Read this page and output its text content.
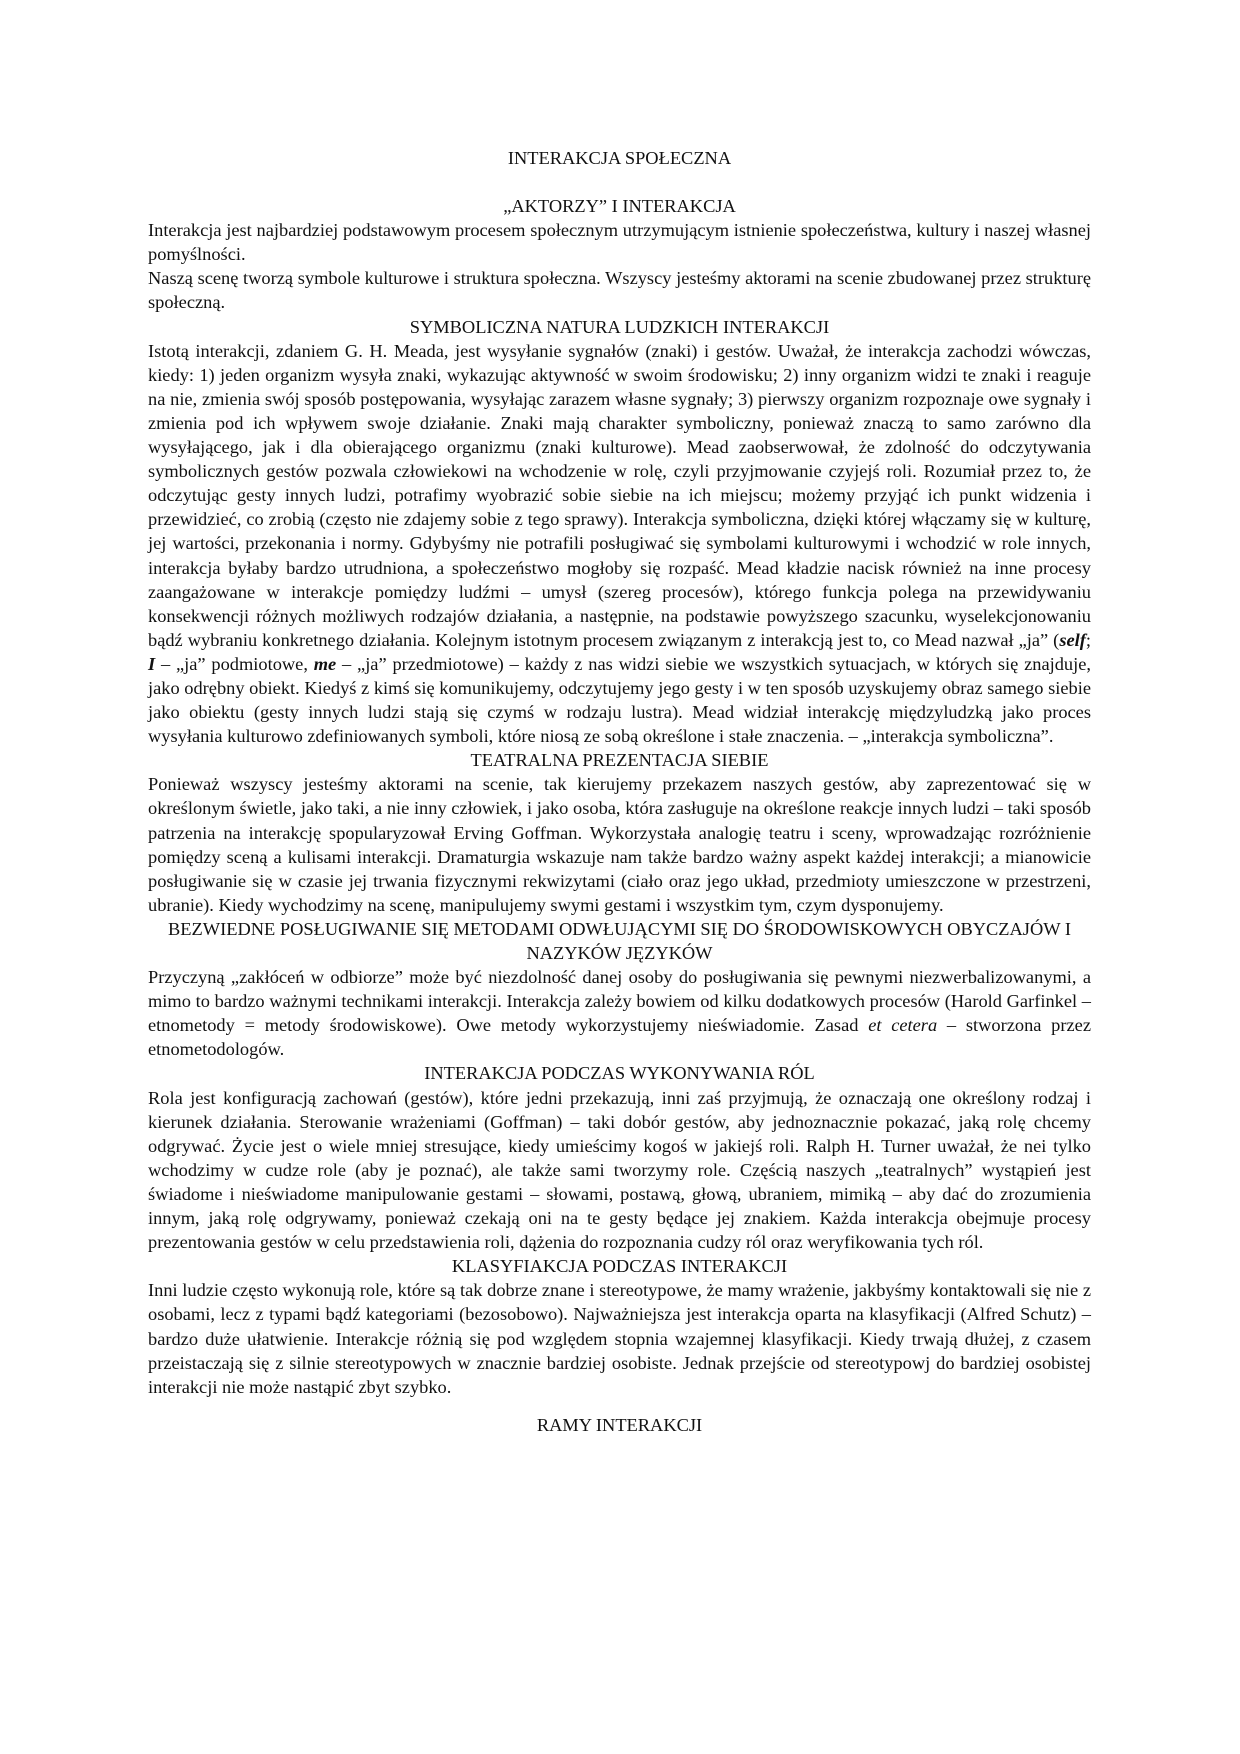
INTERAKCJA SPOŁECZNA
„AKTORZY” I INTERAKCJA

Interakcja jest najbardziej podstawowym procesem społecznym utrzymującym istnienie społeczeństwa, kultury i naszej własnej pomyślności.

Naszą scenę tworzą symbole kulturowe i struktura społeczna. Wszyscy jesteśmy aktorami na scenie zbudowanej przez strukturę społeczną.

SYMBOLICZNA NATURA LUDZKICH INTERAKCJI

Istotą interakcji, zdaniem G. H. Meada, jest wysyłanie sygnałów (znaki) i gestów. Uważał, że interakcja zachodzi wówczas, kiedy: 1) jeden organizm wysyła znaki, wykazując aktywność w swoim środowisku; 2) inny organizm widzi te znaki i reaguje na nie, zmienia swój sposób postępowania, wysyłając zarazem własne sygnały; 3) pierwszy organizm rozpoznaje owe sygnały i zmienia pod ich wpływem swoje działanie. Znaki mają charakter symboliczny, ponieważ znaczą to samo zarówno dla wysyłającego, jak i dla obierającego organizmu (znaki kulturowe). Mead zaobserwował, że zdolność do odczytywania symbolicznych gestów pozwala człowiekowi na wchodzenie w rolę, czyli przyjmowanie czyjejś roli. Rozumiał przez to, że odczytując gesty innych ludzi, potrafimy wyobrazić sobie siebie na ich miejscu; możemy przyjąć ich punkt widzenia i przewidzieć, co zrobią (często nie zdajemy sobie z tego sprawy). Interakcja symboliczna, dzięki której włączamy się w kulturę, jej wartości, przekonania i normy. Gdybyśmy nie potrafili posługiwać się symbolami kulturowymi i wchodzić w role innych, interakcja byłaby bardzo utrudniona, a społeczeństwo mogłoby się rozpaść. Mead kładzie nacisk również na inne procesy zaangażowane w interakcje pomiędzy ludźmi – umysł (szereg procesów), którego funkcja polega na przewidywaniu konsekwencji różnych możliwych rodzajów działania, a następnie, na podstawie powyższego szacunku, wyselekcjonowaniu bądź wybraniu konkretnego działania. Kolejnym istotnym procesem związanym z interakcją jest to, co Mead nazwał „ja” (self; I – „ja” podmiotowe, me – „ja” przedmiotowe) – każdy z nas widzi siebie we wszystkich sytuacjach, w których się znajduje, jako odrębny obiekt. Kiedyś z kimś się komunikujemy, odczytujemy jego gesty i w ten sposób uzyskujemy obraz samego siebie jako obiektu (gesty innych ludzi stają się czymś w rodzaju lustra). Mead widział interakcję międzyludzką jako proces wysyłania kulturowo zdefiniowanych symboli, które niosą ze sobą określone i stałe znaczenia. – „interakcja symboliczna”.

TEATRALNA PREZENTACJA SIEBIE

Ponieważ wszyscy jesteśmy aktorami na scenie, tak kierujemy przekazem naszych gestów, aby zaprezentować się w określonym świetle, jako taki, a nie inny człowiek, i jako osoba, która zasługuje na określone reakcje innych ludzi – taki sposób patrzenia na interakcję spopularyzował Erving Goffman. Wykorzystała analogię teatru i sceny, wprowadzając rozróżnienie pomiędzy sceną a kulisami interakcji. Dramaturgia wskazuje nam także bardzo ważny aspekt każdej interakcji; a mianowicie posługiwanie się w czasie jej trwania fizycznymi rekwizytami (ciało oraz jego układ, przedmioty umieszczone w przestrzeni, ubranie). Kiedy wychodzimy na scenę, manipulujemy swymi gestami i wszystkim tym, czym dysponujemy.

BEZWIEDNE POSŁUGIWANIE SIĘ METODAMI ODWŁUJĄCYMI SIĘ DO ŚRODOWISKOWYCH OBYCZAJÓW I NAZYKÓW JĘZYKÓW

Przyczyną „zakłóceń w odbiorze” może być niezdolność danej osoby do posługiwania się pewnymi niezwerbalizowanymi, a mimo to bardzo ważnymi technikami interakcji. Interakcja zależy bowiem od kilku dodatkowych procesów (Harold Garfinkel – etnometody = metody środowiskowe). Owe metody wykorzystujemy nieświadomie. Zasad et cetera – stworzona przez etnometodologów.

INTERAKCJA PODCZAS WYKONYWANIA RÓL

Rola jest konfiguracją zachowań (gestów), które jedni przekazują, inni zaś przyjmują, że oznaczają one określony rodzaj i kierunek działania. Sterowanie wrażeniami (Goffman) – taki dobór gestów, aby jednoznacznie pokazać, jaką rolę chcemy odgrywać. Życie jest o wiele mniej stresujące, kiedy umieścimy kogoś w jakiejś roli. Ralph H. Turner uważał, że nei tylko wchodzimy w cudze role (aby je poznać), ale także sami tworzymy role. Częścią naszych „teatralnych” wystąpień jest świadome i nieświadome manipulowanie gestami – słowami, postawą, głową, ubraniem, mimiką – aby dać do zrozumienia innym, jaką rolę odgrywamy, ponieważ czekają oni na te gesty będące jej znakiem. Każda interakcja obejmuje procesy prezentowania gestów w celu przedstawienia roli, dążenia do rozpoznania cudzy ról oraz weryfikowania tych ról.

KLASYFIAKCJA PODCZAS INTERAKCJI

Inni ludzie często wykonują role, które są tak dobrze znane i stereotypowe, że mamy wrażenie, jakbyśmy kontaktowali się nie z osobami, lecz z typami bądź kategoriami (bezosobowo). Najważniejsza jest interakcja oparta na klasyfikacji (Alfred Schutz) – bardzo duże ułatwienie. Interakcje różnią się pod względem stopnia wzajemnej klasyfikacji. Kiedy trwają dłużej, z czasem przeistaczają się z silnie stereotypowych w znacznie bardziej osobiste. Jednak przejście od stereotypowj do bardziej osobistej interakcji nie może nastąpić zbyt szybko.

RAMY INTERAKCJI
